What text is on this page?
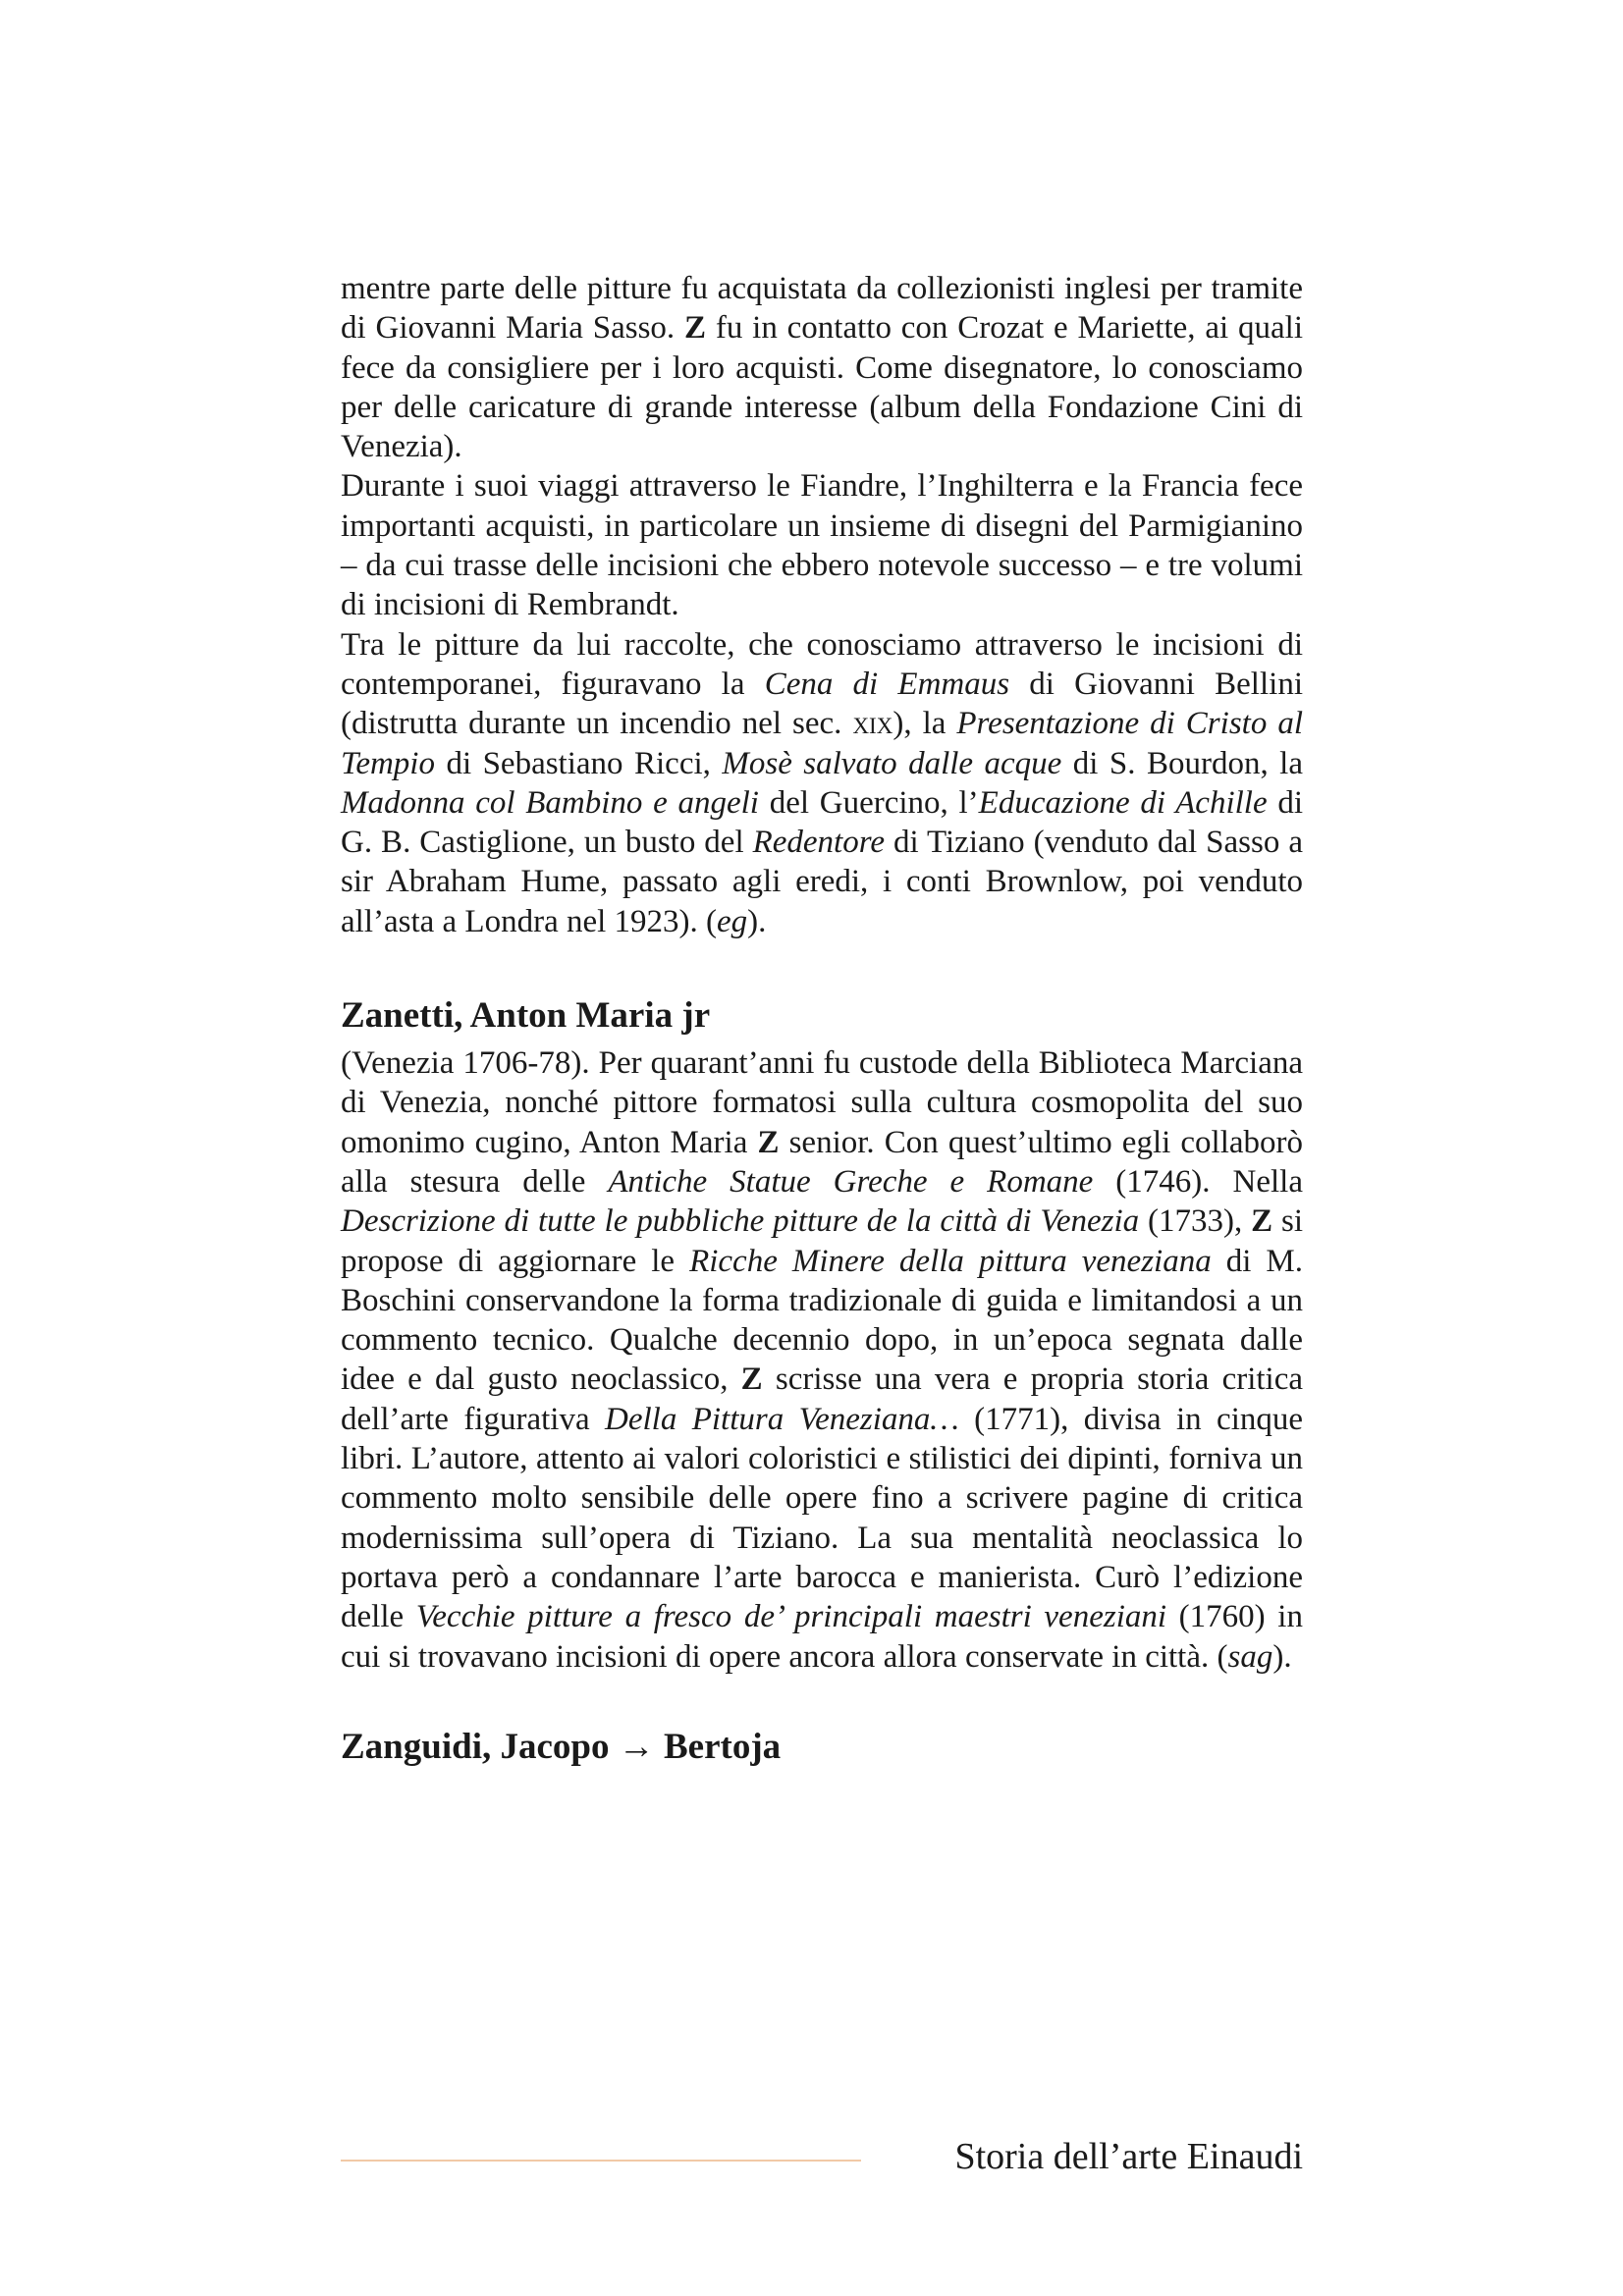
mentre parte delle pitture fu acquistata da collezionisti inglesi per tramite di Giovanni Maria Sasso. Z fu in contatto con Crozat e Mariette, ai quali fece da consigliere per i loro acquisti. Come disegnatore, lo conosciamo per delle caricature di grande interesse (album della Fondazione Cini di Venezia).

Durante i suoi viaggi attraverso le Fiandre, l’Inghilterra e la Francia fece importanti acquisti, in particolare un insieme di disegni del Parmigianino – da cui trasse delle incisioni che ebbero notevole successo – e tre volumi di incisioni di Rembrandt.

Tra le pitture da lui raccolte, che conosciamo attraverso le incisioni di contemporanei, figuravano la Cena di Emmaus di Giovanni Bellini (distrutta durante un incendio nel sec. xix), la Presentazione di Cristo al Tempio di Sebastiano Ricci, Mosè salvato dalle acque di S. Bourdon, la Madonna col Bambino e angeli del Guercino, l’Educazione di Achille di G. B. Castiglione, un busto del Redentore di Tiziano (venduto dal Sasso a sir Abraham Hume, passato agli eredi, i conti Brownlow, poi venduto all’asta a Londra nel 1923). (eg).

Zanetti, Anton Maria jr

(Venezia 1706-78). Per quarant’anni fu custode della Biblioteca Marciana di Venezia, nonché pittore formatosi sulla cultura cosmopolita del suo omonimo cugino, Anton Maria Z senior. Con quest’ultimo egli collaborò alla stesura delle Antiche Statue Greche e Romane (1746). Nella Descrizione di tutte le pubbliche pitture de la città di Venezia (1733), Z si propose di aggiornare le Ricche Minere della pittura veneziana di M. Boschini conservandone la forma tradizionale di guida e limitandosi a un commento tecnico. Qualche decennio dopo, in un’epoca segnata dalle idee e dal gusto neoclassico, Z scrisse una vera e propria storia critica dell’arte figurativa Della Pittura Veneziana… (1771), divisa in cinque libri. L’autore, attento ai valori coloristici e stilistici dei dipinti, forniva un commento molto sensibile delle opere fino a scrivere pagine di critica modernissima sull’opera di Tiziano. La sua mentalità neoclassica lo portava però a condannare l’arte barocca e manierista. Curò l’edizione delle Vecchie pitture a fresco de’ principali maestri veneziani (1760) in cui si trovavano incisioni di opere ancora allora conservate in città. (sag).

Zanguidi, Jacopo → Bertoja
Storia dell’arte Einaudi
